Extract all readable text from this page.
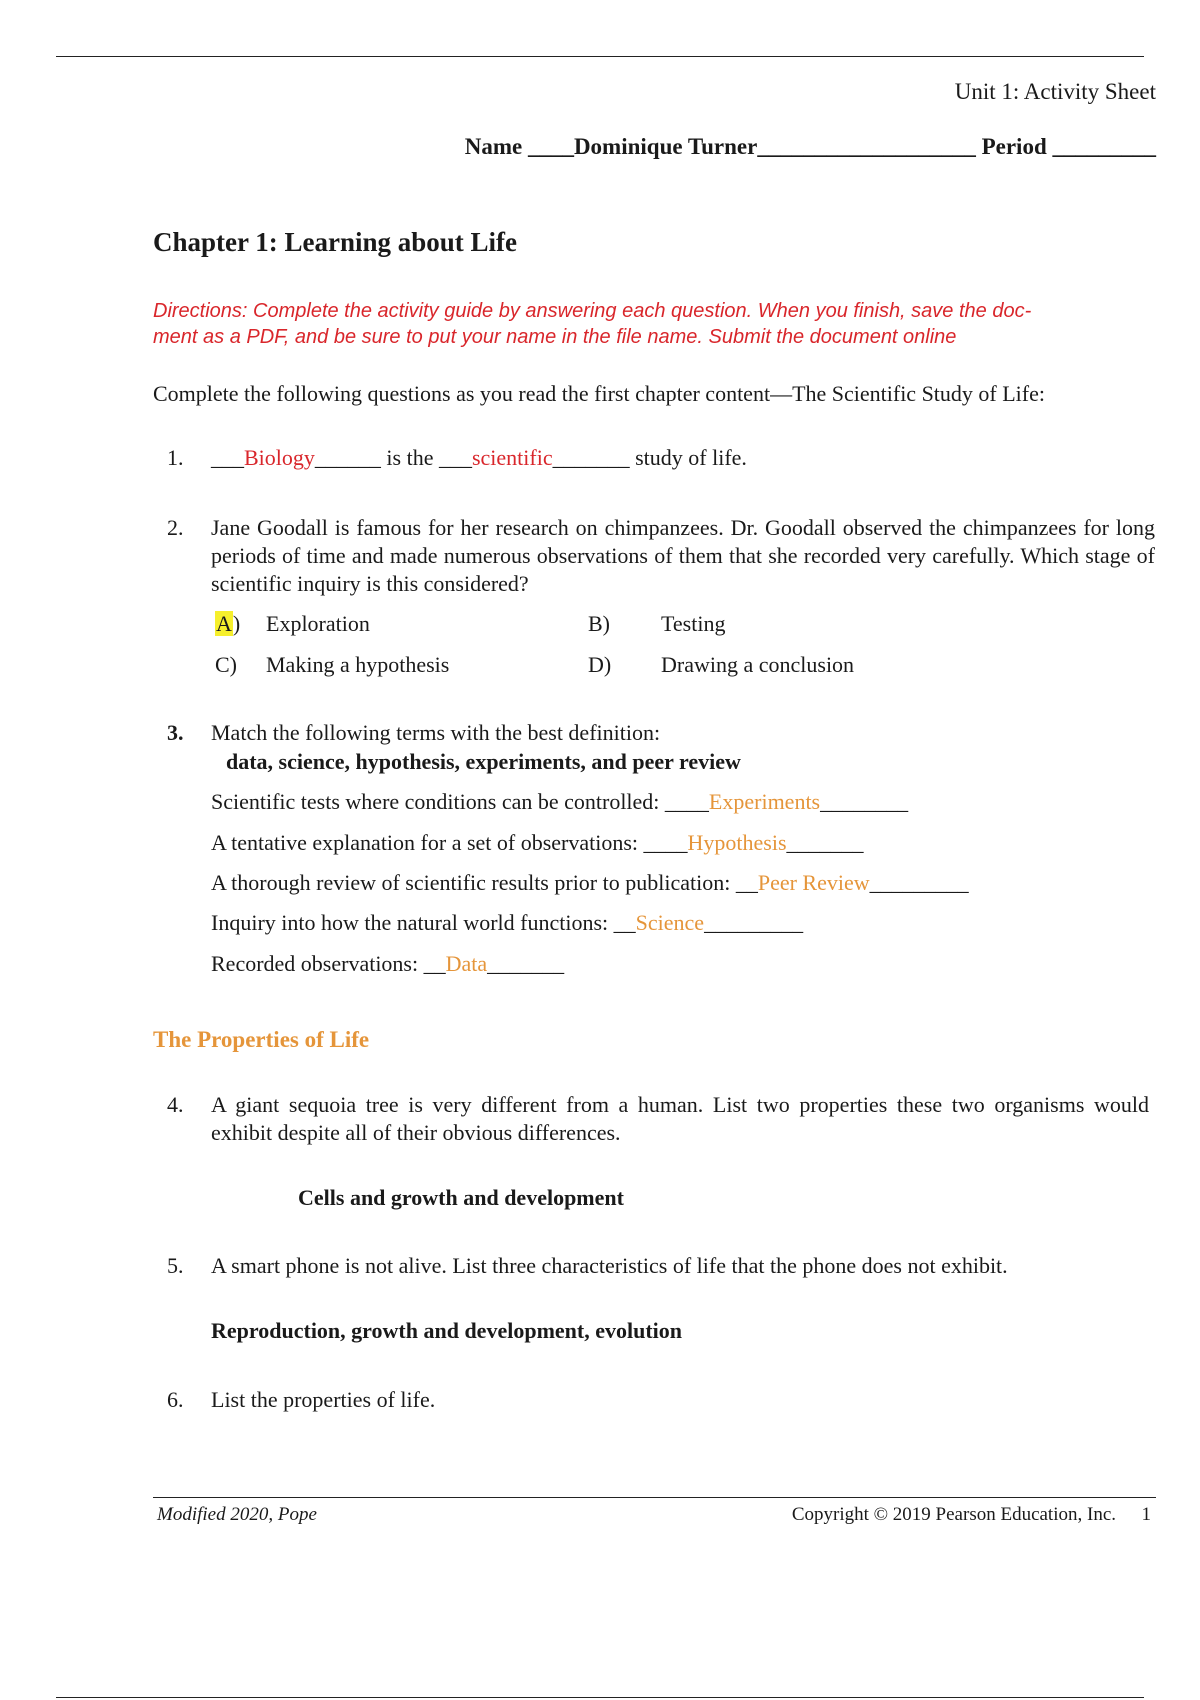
Unit 1: Activity Sheet
Name ____Dominique Turner___________________ Period _________
Chapter 1: Learning about Life
Directions: Complete the activity guide by answering each question. When you finish, save the doc-
ment as a PDF, and be sure to put your name in the file name. Submit the document online
Complete the following questions as you read the first chapter content—The Scientific Study of Life:
1. ___Biology______ is the ___scientific_______ study of life.
2. Jane Goodall is famous for her research on chimpanzees. Dr. Goodall observed the chimpanzees for long periods of time and made numerous observations of them that she recorded very carefully. Which stage of scientific inquiry is this considered?
A) Exploration	B) Testing
C) Making a hypothesis	D) Drawing a conclusion
3. Match the following terms with the best definition:
data, science, hypothesis, experiments, and peer review
Scientific tests where conditions can be controlled: ____Experiments________
A tentative explanation for a set of observations: ____Hypothesis_______
A thorough review of scientific results prior to publication: __Peer Review_________
Inquiry into how the natural world functions: __Science_________
Recorded observations: __Data_______
The Properties of Life
4. A giant sequoia tree is very different from a human. List two properties these two organisms would exhibit despite all of their obvious differences.
Cells and growth and development
5. A smart phone is not alive. List three characteristics of life that the phone does not exhibit.
Reproduction, growth and development, evolution
6. List the properties of life.
Modified 2020, Pope	Copyright © 2019 Pearson Education, Inc. 1
